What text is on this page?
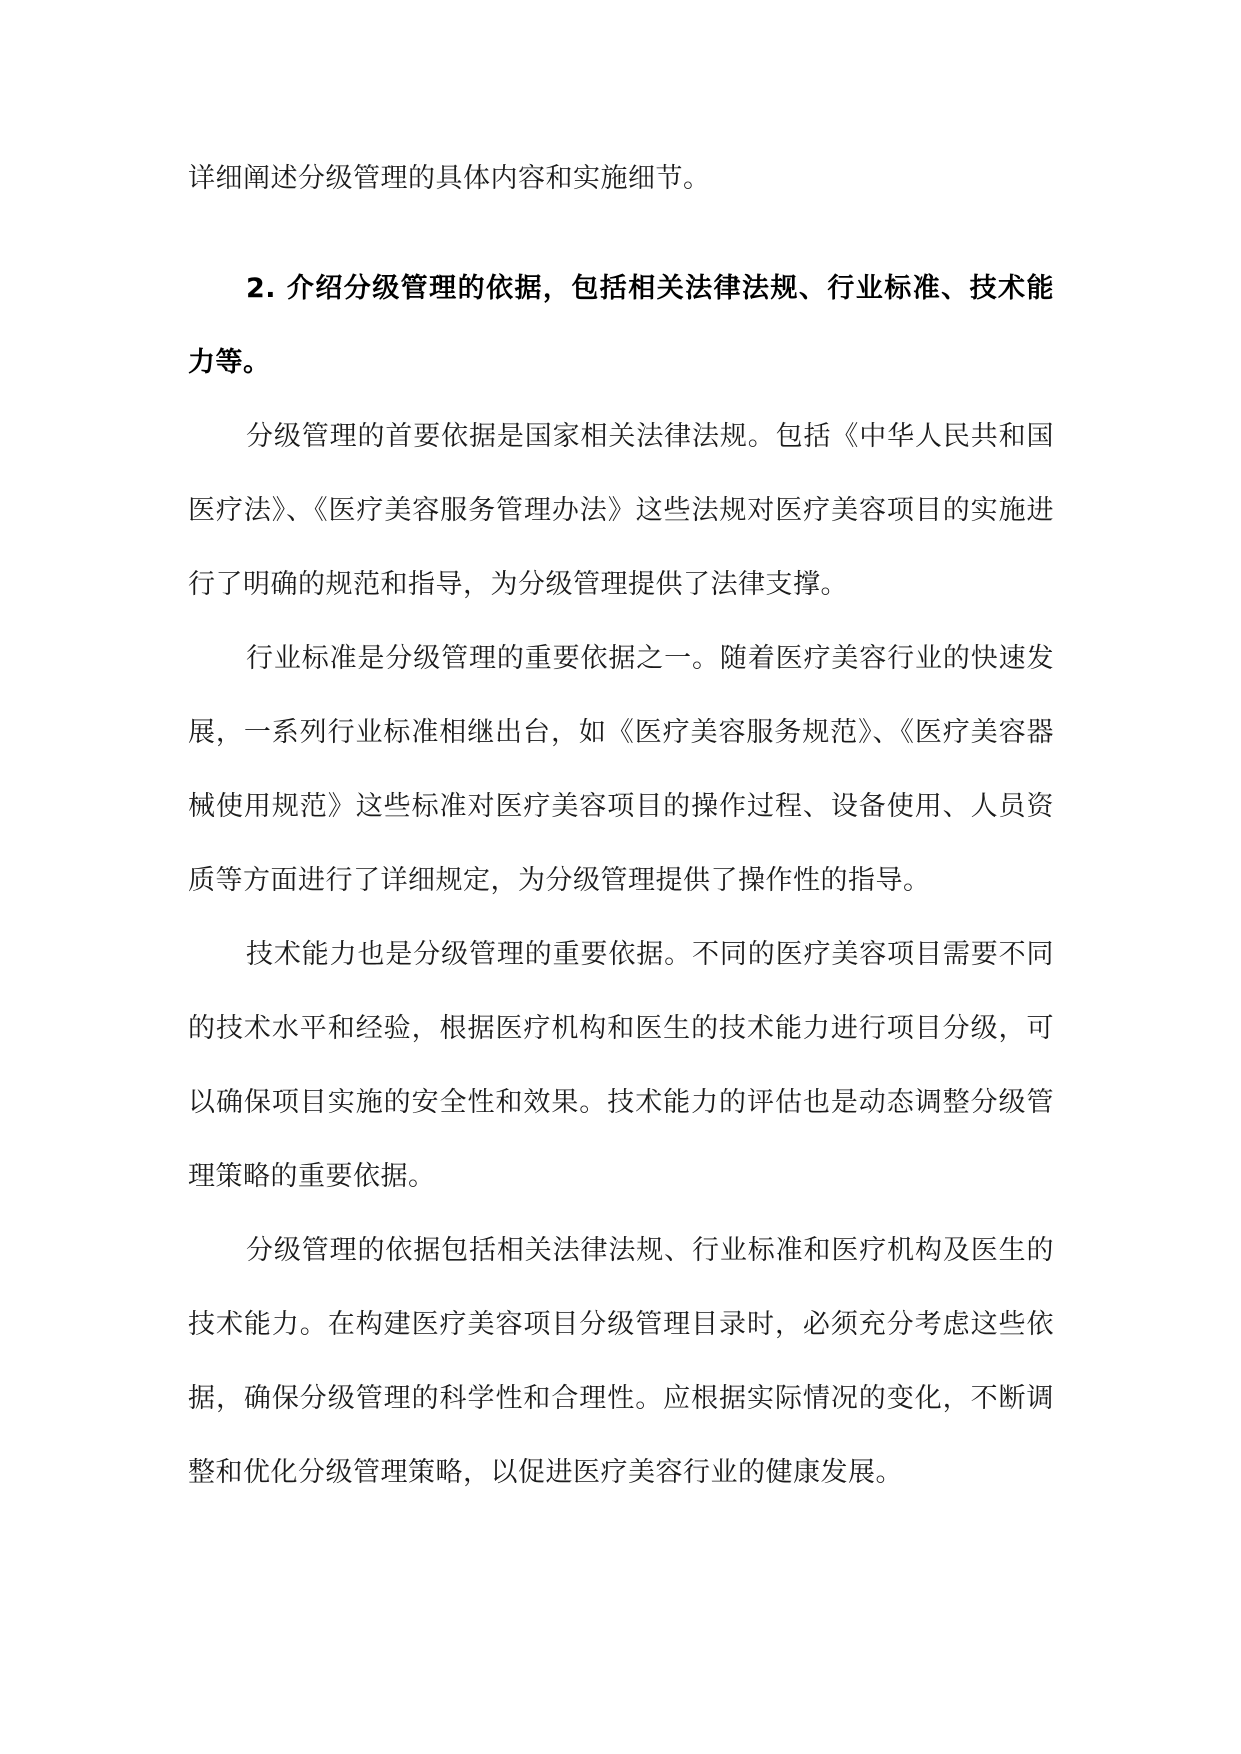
详细阐述分级管理的具体内容和实施细节。

2. 介绍分级管理的依据，包括相关法律法规、行业标准、技术能力等。

分级管理的首要依据是国家相关法律法规。包括《中华人民共和国医疗法》、《医疗美容服务管理办法》这些法规对医疗美容项目的实施进行了明确的规范和指导，为分级管理提供了法律支撑。

行业标准是分级管理的重要依据之一。随着医疗美容行业的快速发展，一系列行业标准相继出台，如《医疗美容服务规范》、《医疗美容器械使用规范》这些标准对医疗美容项目的操作过程、设备使用、人员资质等方面进行了详细规定，为分级管理提供了操作性的指导。

技术能力也是分级管理的重要依据。不同的医疗美容项目需要不同的技术水平和经验，根据医疗机构和医生的技术能力进行项目分级，可以确保项目实施的安全性和效果。技术能力的评估也是动态调整分级管理策略的重要依据。

分级管理的依据包括相关法律法规、行业标准和医疗机构及医生的技术能力。在构建医疗美容项目分级管理目录时，必须充分考虑这些依据，确保分级管理的科学性和合理性。应根据实际情况的变化，不断调整和优化分级管理策略，以促进医疗美容行业的健康发展。
